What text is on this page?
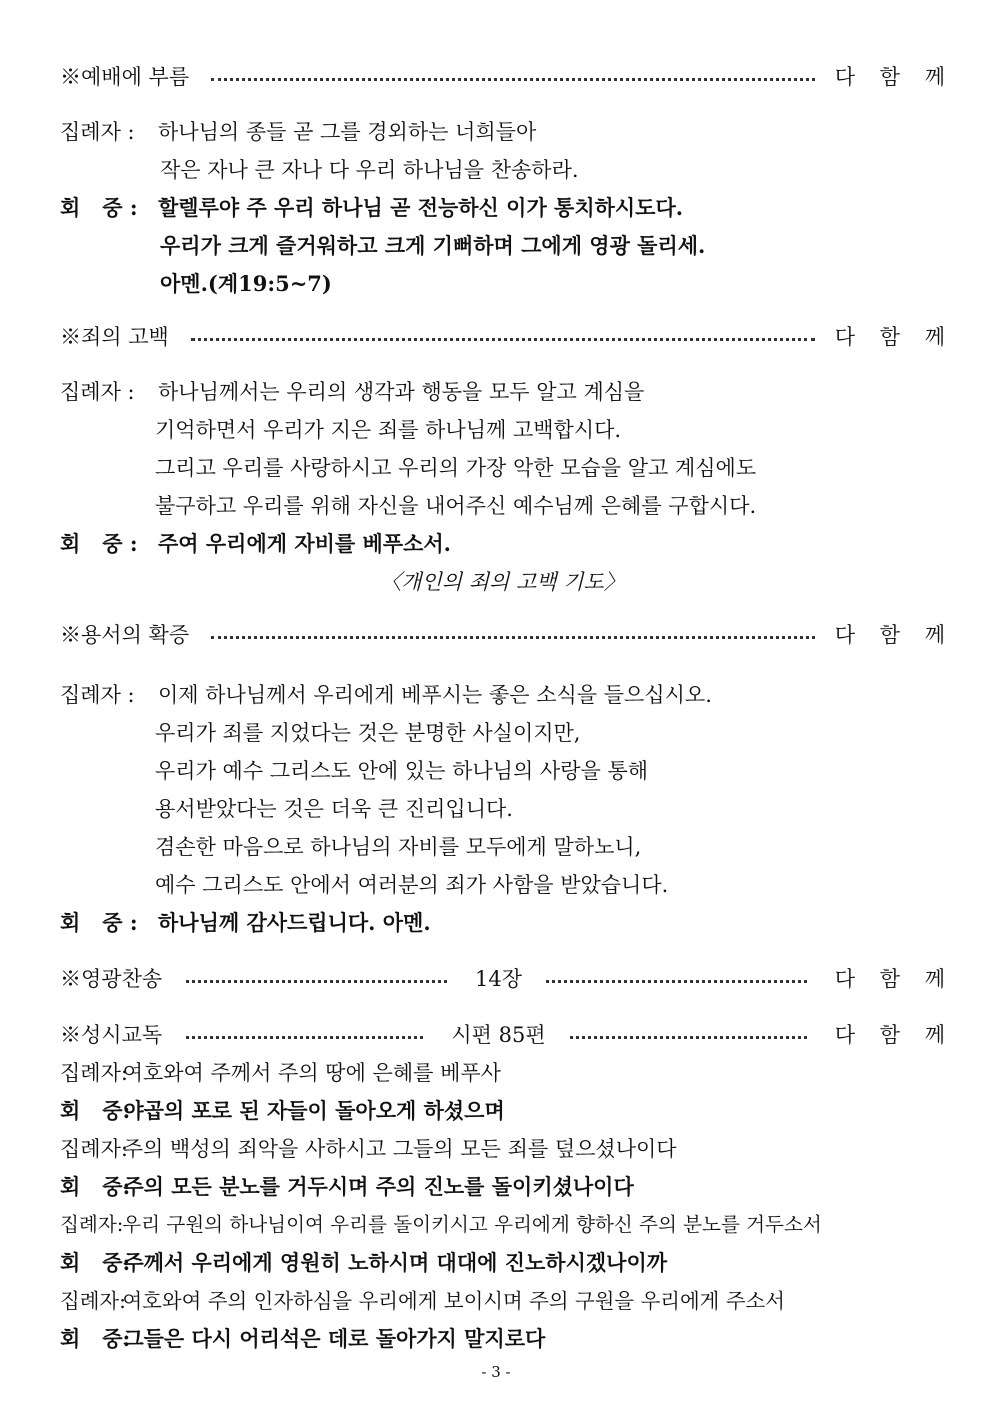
※예배에 부름	다 함 께
집례자 : 하나님의 종들 곧 그를 경외하는 너희들아
작은 자나 큰 자나 다 우리 하나님을 찬송하라.
회   중 : 할렐루야 주 우리 하나님 곧 전능하신 이가 통치하시도다.
우리가 크게 즐거워하고 크게 기뻐하며 그에게 영광 돌리세.
아멘.(계19:5~7)
※죄의 고백	다 함 께
집례자 : 하나님께서는 우리의 생각과 행동을 모두 알고 계심을
기억하면서 우리가 지은 죄를 하나님께 고백합시다.
그리고 우리를 사랑하시고 우리의 가장 악한 모습을 알고 계심에도
불구하고 우리를 위해 자신을 내어주신 예수님께 은혜를 구합시다.
회   중 : 주여 우리에게 자비를 베푸소서.
〈개인의 죄의 고백 기도〉
※용서의 확증	다 함 께
집례자 : 이제 하나님께서 우리에게 베푸시는 좋은 소식을 들으십시오.
우리가 죄를 지었다는 것은 분명한 사실이지만,
우리가 예수 그리스도 안에 있는 하나님의 사랑을 통해
용서받았다는 것은 더욱 큰 진리입니다.
겸손한 마음으로 하나님의 자비를 모두에게 말하노니,
예수 그리스도 안에서 여러분의 죄가 사함을 받았습니다.
회   중 : 하나님께 감사드립니다. 아멘.
※영광찬송	14장	다 함 께
※성시교독	시편 85편	다 함 께
집례자: 여호와여 주께서 주의 땅에 은혜를 베푸사
회   중: 야곱의 포로 된 자들이 돌아오게 하셨으며
집례자: 주의 백성의 죄악을 사하시고 그들의 모든 죄를 덮으셨나이다
회   중: 주의 모든 분노를 거두시며 주의 진노를 돌이키셨나이다
집례자: 우리 구원의 하나님이여 우리를 돌이키시고 우리에게 향하신 주의 분노를 거두소서
회   중: 주께서 우리에게 영원히 노하시며 대대에 진노하시겠나이까
집례자: 여호와여 주의 인자하심을 우리에게 보이시며 주의 구원을 우리에게 주소서
회   중: 그들은 다시 어리석은 데로 돌아가지 말지로다
- 3 -
